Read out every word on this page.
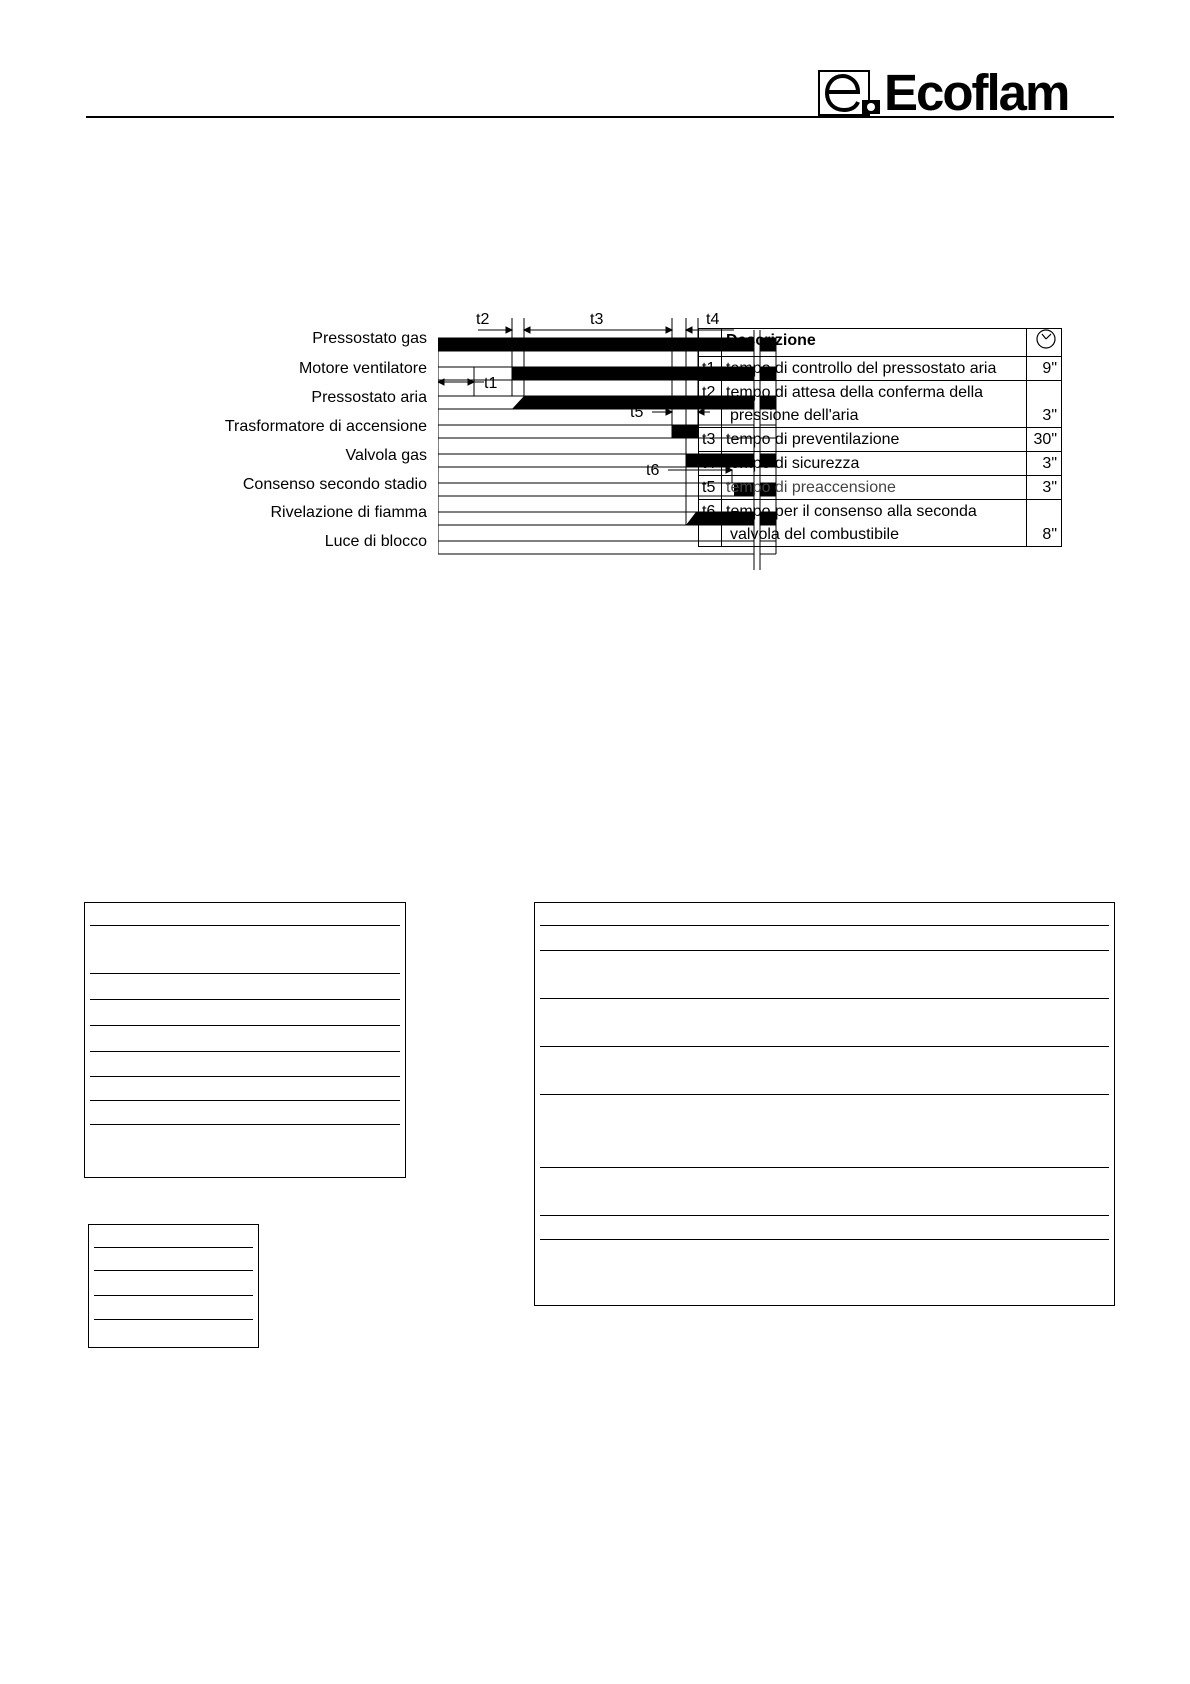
Ecoflam
Pressostato gas
Motore ventilatore
Pressostato aria
Trasformatore di accensione
Valvola gas
Consenso secondo stadio
Rivelazione di fiamma
Luce di blocco
t2	t3	t4
t1
t5
t6
	Descrizione	
t1	tempo di controllo del pressostato aria	9"
t2	tempo di attesa della conferma della
pressione dell'aria	3"
t3	tempo di preventilazione	30"
t4	tempo di sicurezza	3"
t5	tempo di preaccensione	3"
t6	tempo per il consenso alla seconda
valvola del combustibile	8"
